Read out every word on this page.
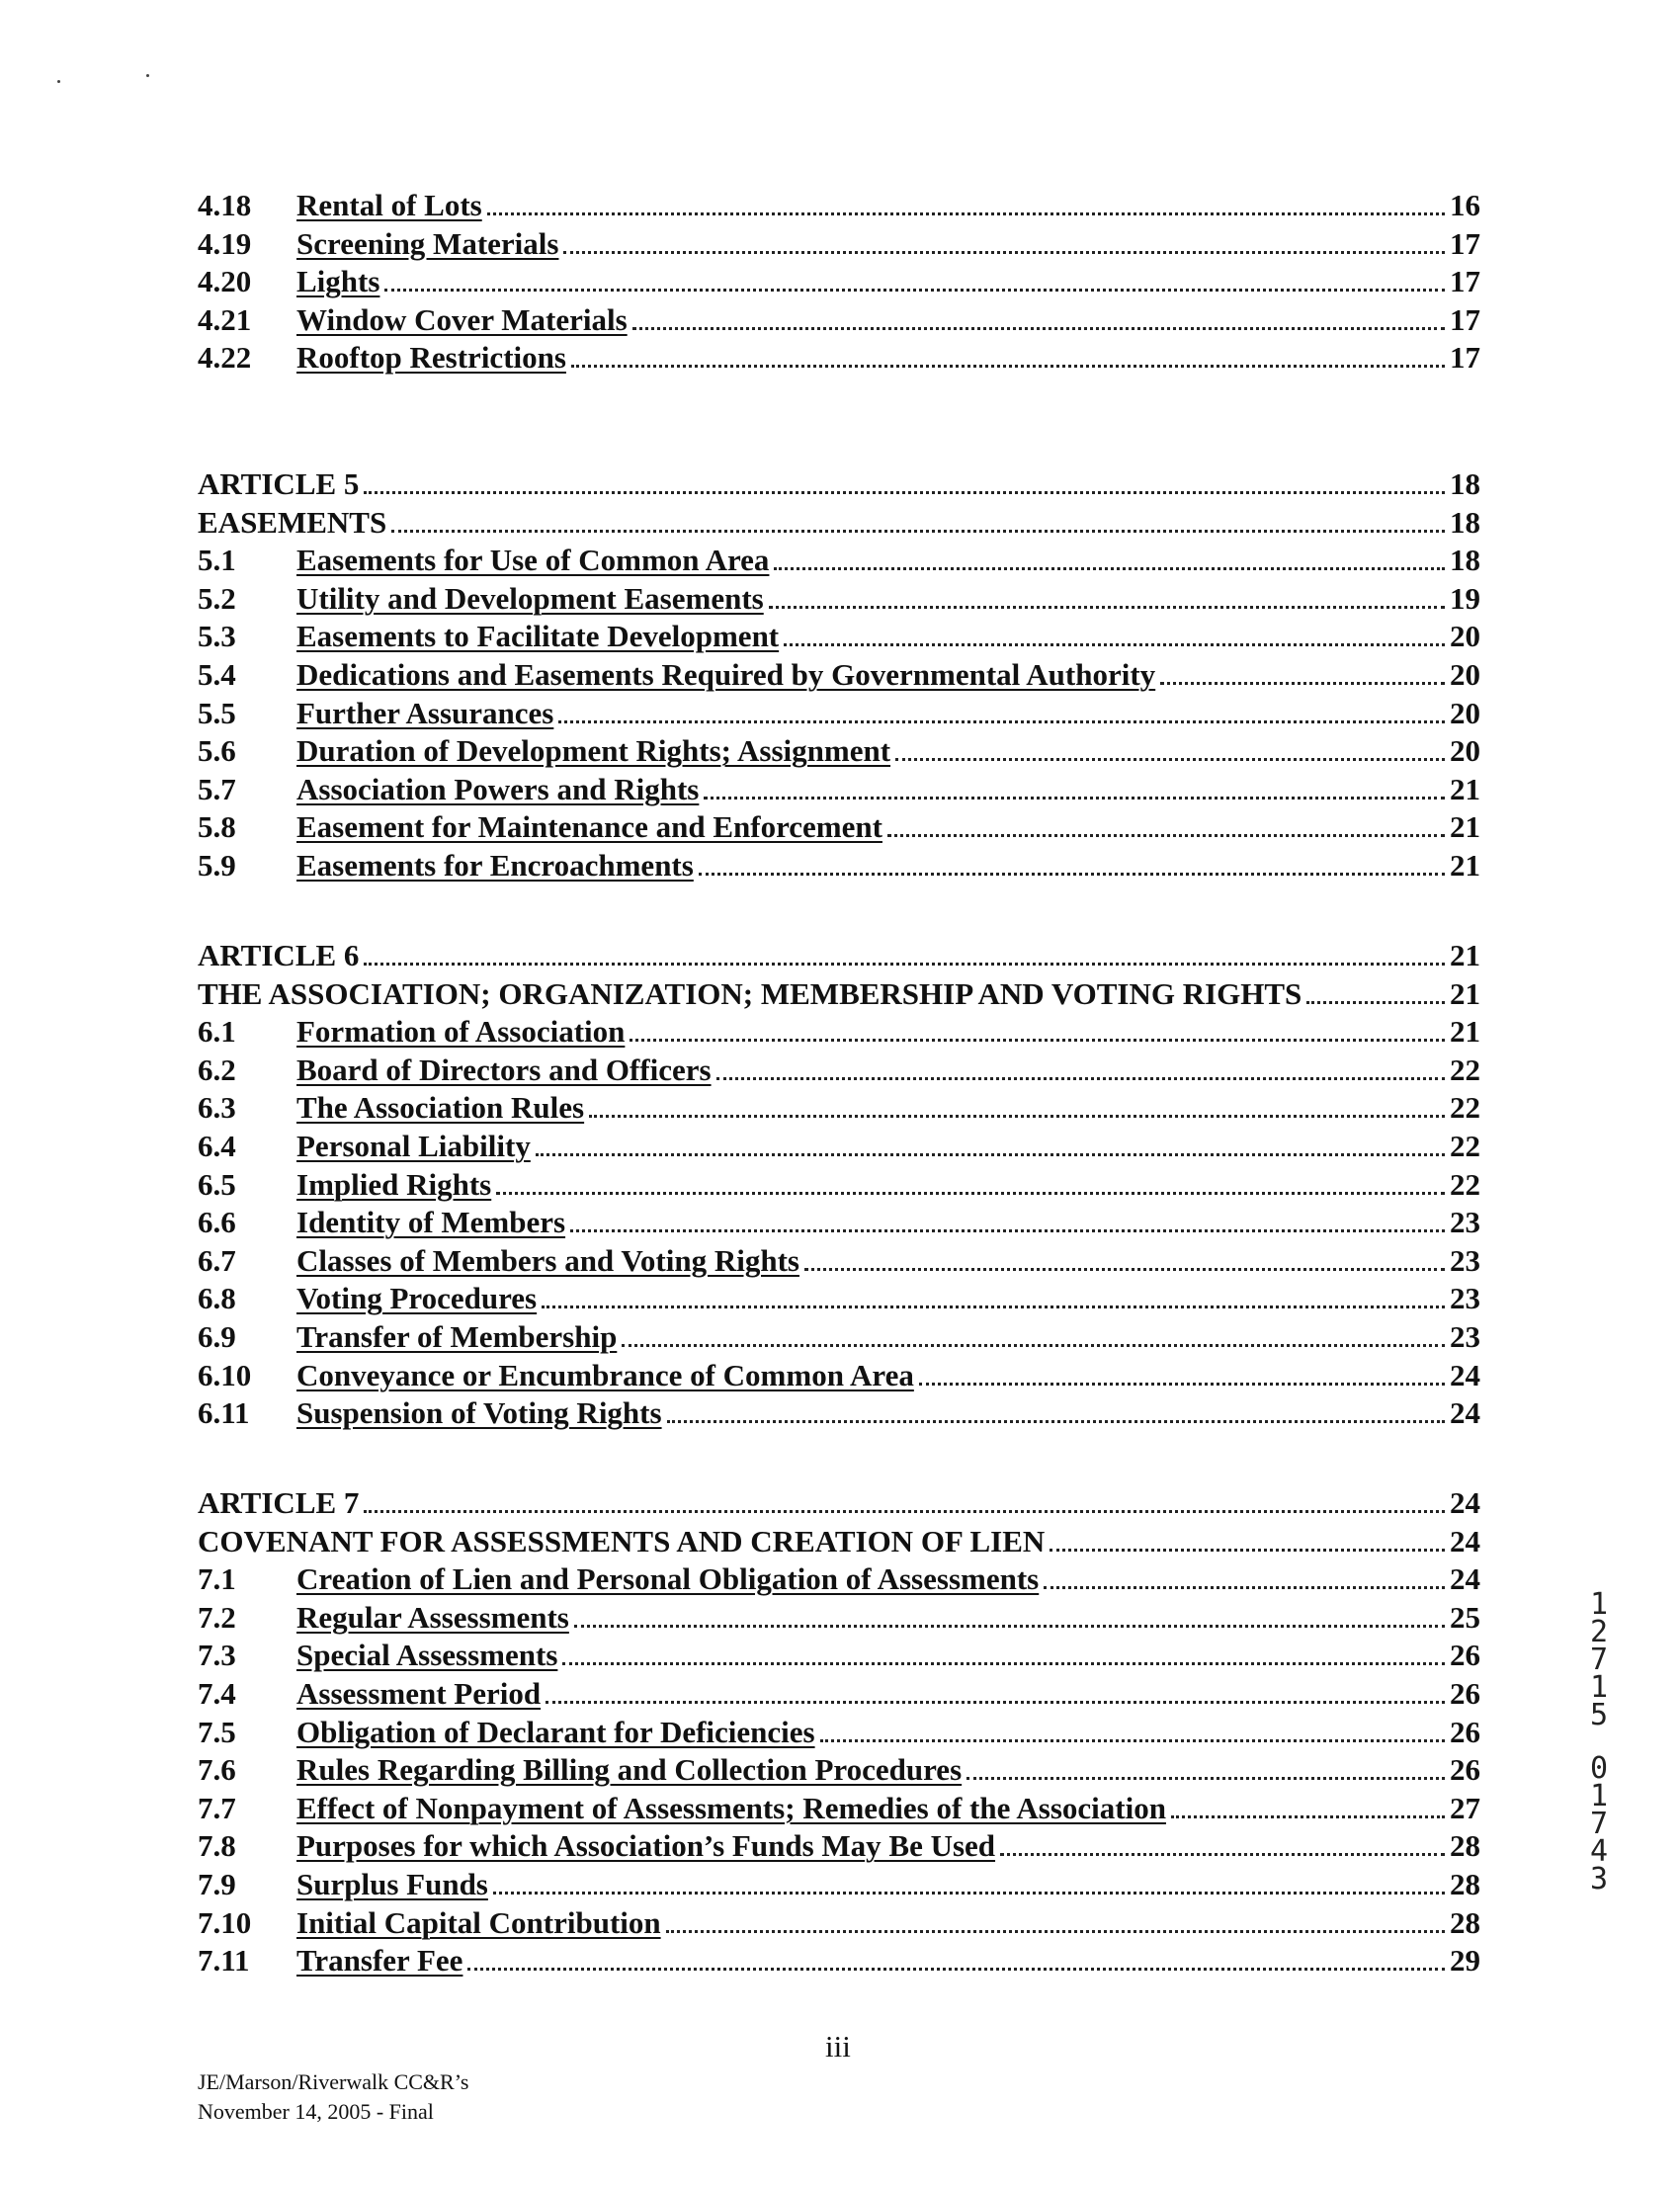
4.18	Rental of Lots	16
4.19	Screening Materials	17
4.20	Lights	17
4.21	Window Cover Materials	17
4.22	Rooftop Restrictions	17
ARTICLE 5	18
EASEMENTS	18
5.1	Easements for Use of Common Area	18
5.2	Utility and Development Easements	19
5.3	Easements to Facilitate Development	20
5.4	Dedications and Easements Required by Governmental Authority	20
5.5	Further Assurances	20
5.6	Duration of Development Rights; Assignment	20
5.7	Association Powers and Rights	21
5.8	Easement for Maintenance and Enforcement	21
5.9	Easements for Encroachments	21
ARTICLE 6	21
THE ASSOCIATION; ORGANIZATION; MEMBERSHIP AND VOTING RIGHTS	21
6.1	Formation of Association	21
6.2	Board of Directors and Officers	22
6.3	The Association Rules	22
6.4	Personal Liability	22
6.5	Implied Rights	22
6.6	Identity of Members	23
6.7	Classes of Members and Voting Rights	23
6.8	Voting Procedures	23
6.9	Transfer of Membership	23
6.10	Conveyance or Encumbrance of Common Area	24
6.11	Suspension of Voting Rights	24
ARTICLE 7	24
COVENANT FOR ASSESSMENTS AND CREATION OF LIEN	24
7.1	Creation of Lien and Personal Obligation of Assessments	24
7.2	Regular Assessments	25
7.3	Special Assessments	26
7.4	Assessment Period	26
7.5	Obligation of Declarant for Deficiencies	26
7.6	Rules Regarding Billing and Collection Procedures	26
7.7	Effect of Nonpayment of Assessments; Remedies of the Association	27
7.8	Purposes for which Association’s Funds May Be Used	28
7.9	Surplus Funds	28
7.10	Initial Capital Contribution	28
7.11	Transfer Fee	29
iii
JE/Marson/Riverwalk CC&R’s
November 14, 2005 - Final
1
2
7
1
5
0
1
7
4
3
